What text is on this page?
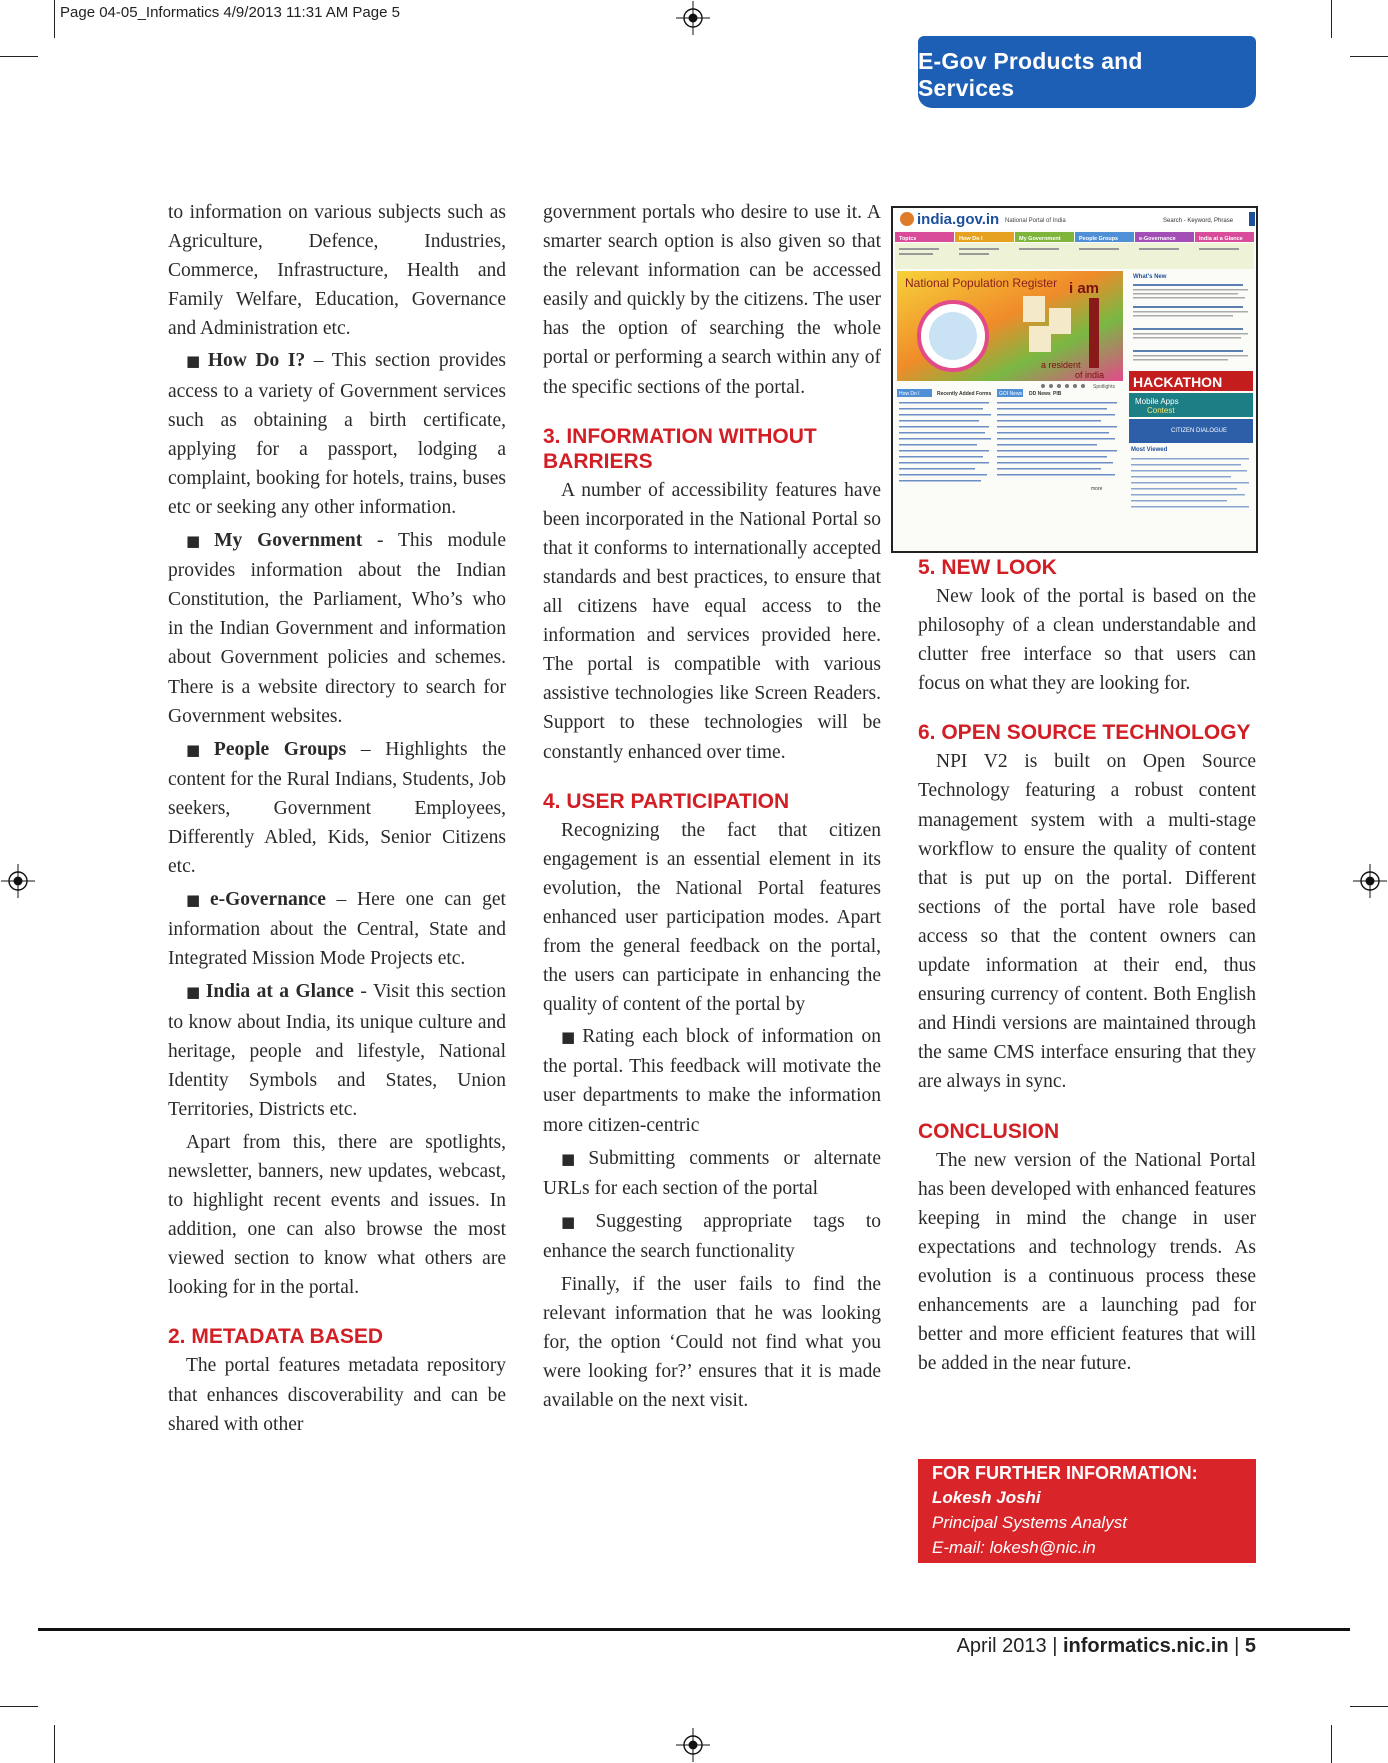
Page 04-05_Informatics 4/9/2013 11:31 AM Page 5
E-Gov Products and Services

to information on various subjects such as Agriculture, Defence, Industries, Commerce, Infrastructure, Health and Family Welfare, Education, Governance and Administration etc.

■ How Do I? – This section provides access to a variety of Government services such as obtaining a birth certificate, applying for a passport, lodging a complaint, booking for hotels, trains, buses etc or seeking any other information.

■ My Government - This module provides information about the Indian Constitution, the Parliament, Who’s who in the Indian Government and information about Government policies and schemes. There is a website directory to search for Government websites.

■ People Groups – Highlights the content for the Rural Indians, Students, Job seekers, Government Employees, Differently Abled, Kids, Senior Citizens etc.

■ e-Governance – Here one can get information about the Central, State and Integrated Mission Mode Projects etc.

■ India at a Glance - Visit this section to know about India, its unique culture and heritage, people and lifestyle, National Identity Symbols and States, Union Territories, Districts etc.

Apart from this, there are spotlights, newsletter, banners, new updates, webcast, to highlight recent events and issues. In addition, one can also browse the most viewed section to know what others are looking for in the portal.

2. METADATA BASED

The portal features metadata repository that enhances discoverability and can be shared with other

government portals who desire to use it. A smarter search option is also given so that the relevant information can be accessed easily and quickly by the citizens. The user has the option of searching the whole portal or performing a search within any of the specific sections of the portal.

3. INFORMATION WITHOUT BARRIERS

A number of accessibility features have been incorporated in the National Portal so that it conforms to internationally accepted standards and best practices, to ensure that all citizens have equal access to the information and services provided here. The portal is compatible with various assistive technologies like Screen Readers. Support to these technologies will be constantly enhanced over time.

4. USER PARTICIPATION

Recognizing the fact that citizen engagement is an essential element in its evolution, the National Portal features enhanced user participation modes. Apart from the general feedback on the portal, the users can participate in enhancing the quality of content of the portal by

■ Rating each block of information on the portal. This feedback will motivate the user departments to make the information more citizen-centric

■ Submitting comments or alternate URLs for each section of the portal

■ Suggesting appropriate tags to enhance the search functionality

Finally, if the user fails to find the relevant information that he was looking for, the option ‘Could not find what you were looking for?’ ensures that it is made available on the next visit.

india.gov.in National Portal of India	Search - Keyword, Phrase
Topics	How Do I	My Government	People Groups	e-Governance	India at a Glance
National Population Register i am
a resident
of india
Spotlights
What's New
HACKATHON
Mobile Apps
Contest
CITIZEN DIALOGUE
How Do I	Recently Added Forms GOI News DD News PIB
more
Most Viewed
5. NEW LOOK

New look of the portal is based on the philosophy of a clean understandable and clutter free interface so that users can focus on what they are looking for.

6. OPEN SOURCE TECHNOLOGY

NPI V2 is built on Open Source Technology featuring a robust content management system with a multi-stage workflow to ensure the quality of content that is put up on the portal. Different sections of the portal have role based access so that the content owners can update information at their end, thus ensuring currency of content. Both English and Hindi versions are maintained through the same CMS interface ensuring that they are always in sync.

CONCLUSION

The new version of the National Portal has been developed with enhanced features keeping in mind the change in user expectations and technology trends. As evolution is a continuous process these enhancements are a launching pad for better and more efficient features that will be added in the near future.

FOR FURTHER INFORMATION:
Lokesh Joshi
Principal Systems Analyst
E-mail: lokesh@nic.in
April 2013 | informatics.nic.in | 5
